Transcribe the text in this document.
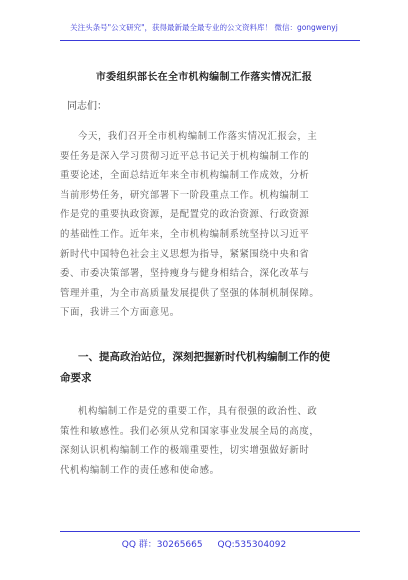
关注头条号"公文研究"，获得最新最全最专业的公文资料库！ 微信：gongwenyj
市委组织部长在全市机构编制工作落实情况汇报
同志们：
今天，我们召开全市机构编制工作落实情况汇报会，主
要任务是深入学习贯彻习近平总书记关于机构编制工作的
重要论述，全面总结近年来全市机构编制工作成效，分析
当前形势任务，研究部署下一阶段重点工作。机构编制工
作是党的重要执政资源，是配置党的政治资源、行政资源
的基础性工作。近年来，全市机构编制系统坚持以习近平
新时代中国特色社会主义思想为指导，紧紧围绕中央和省
委、市委决策部署，坚持瘦身与健身相结合，深化改革与
管理并重，为全市高质量发展提供了坚强的体制机制保障。
下面，我讲三个方面意见。
一、提高政治站位，深刻把握新时代机构编制工作的使
命要求
机构编制工作是党的重要工作，具有很强的政治性、政
策性和敏感性。我们必须从党和国家事业发展全局的高度，
深刻认识机构编制工作的极端重要性，切实增强做好新时
代机构编制工作的责任感和使命感。
QQ 群：30265665 QQ:535304092
